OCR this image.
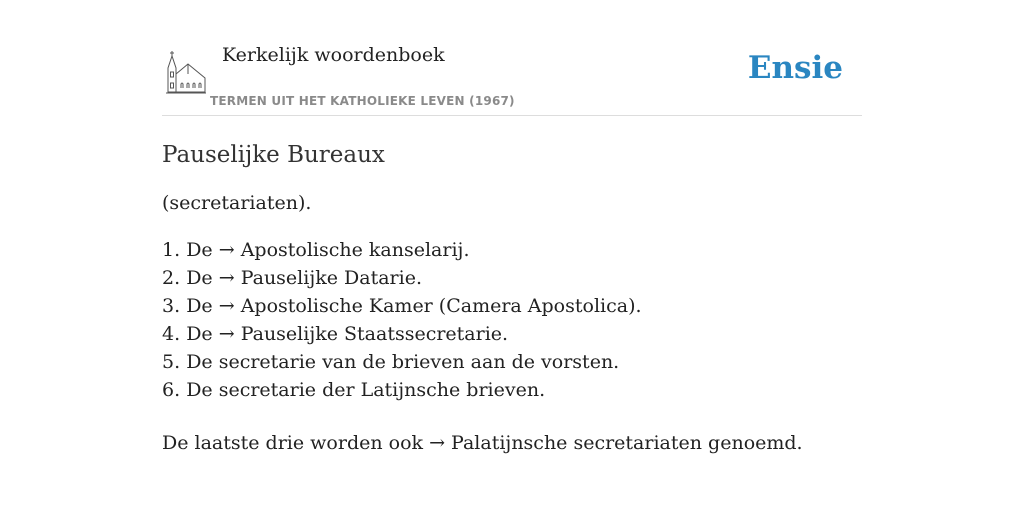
Kerkelijk woordenboek
TERMEN UIT HET KATHOLIEKE LEVEN (1967)
Ensie
Pauselijke Bureaux

(secretariaten).

1. De → Apostolische kanselarij.
2. De → Pauselijke Datarie.
3. De → Apostolische Kamer (Camera Apostolica).
4. De → Pauselijke Staatssecretarie.
5. De secretarie van de brieven aan de vorsten.
6. De secretarie der Latijnsche brieven.

De laatste drie worden ook → Palatijnsche secretariaten genoemd.
